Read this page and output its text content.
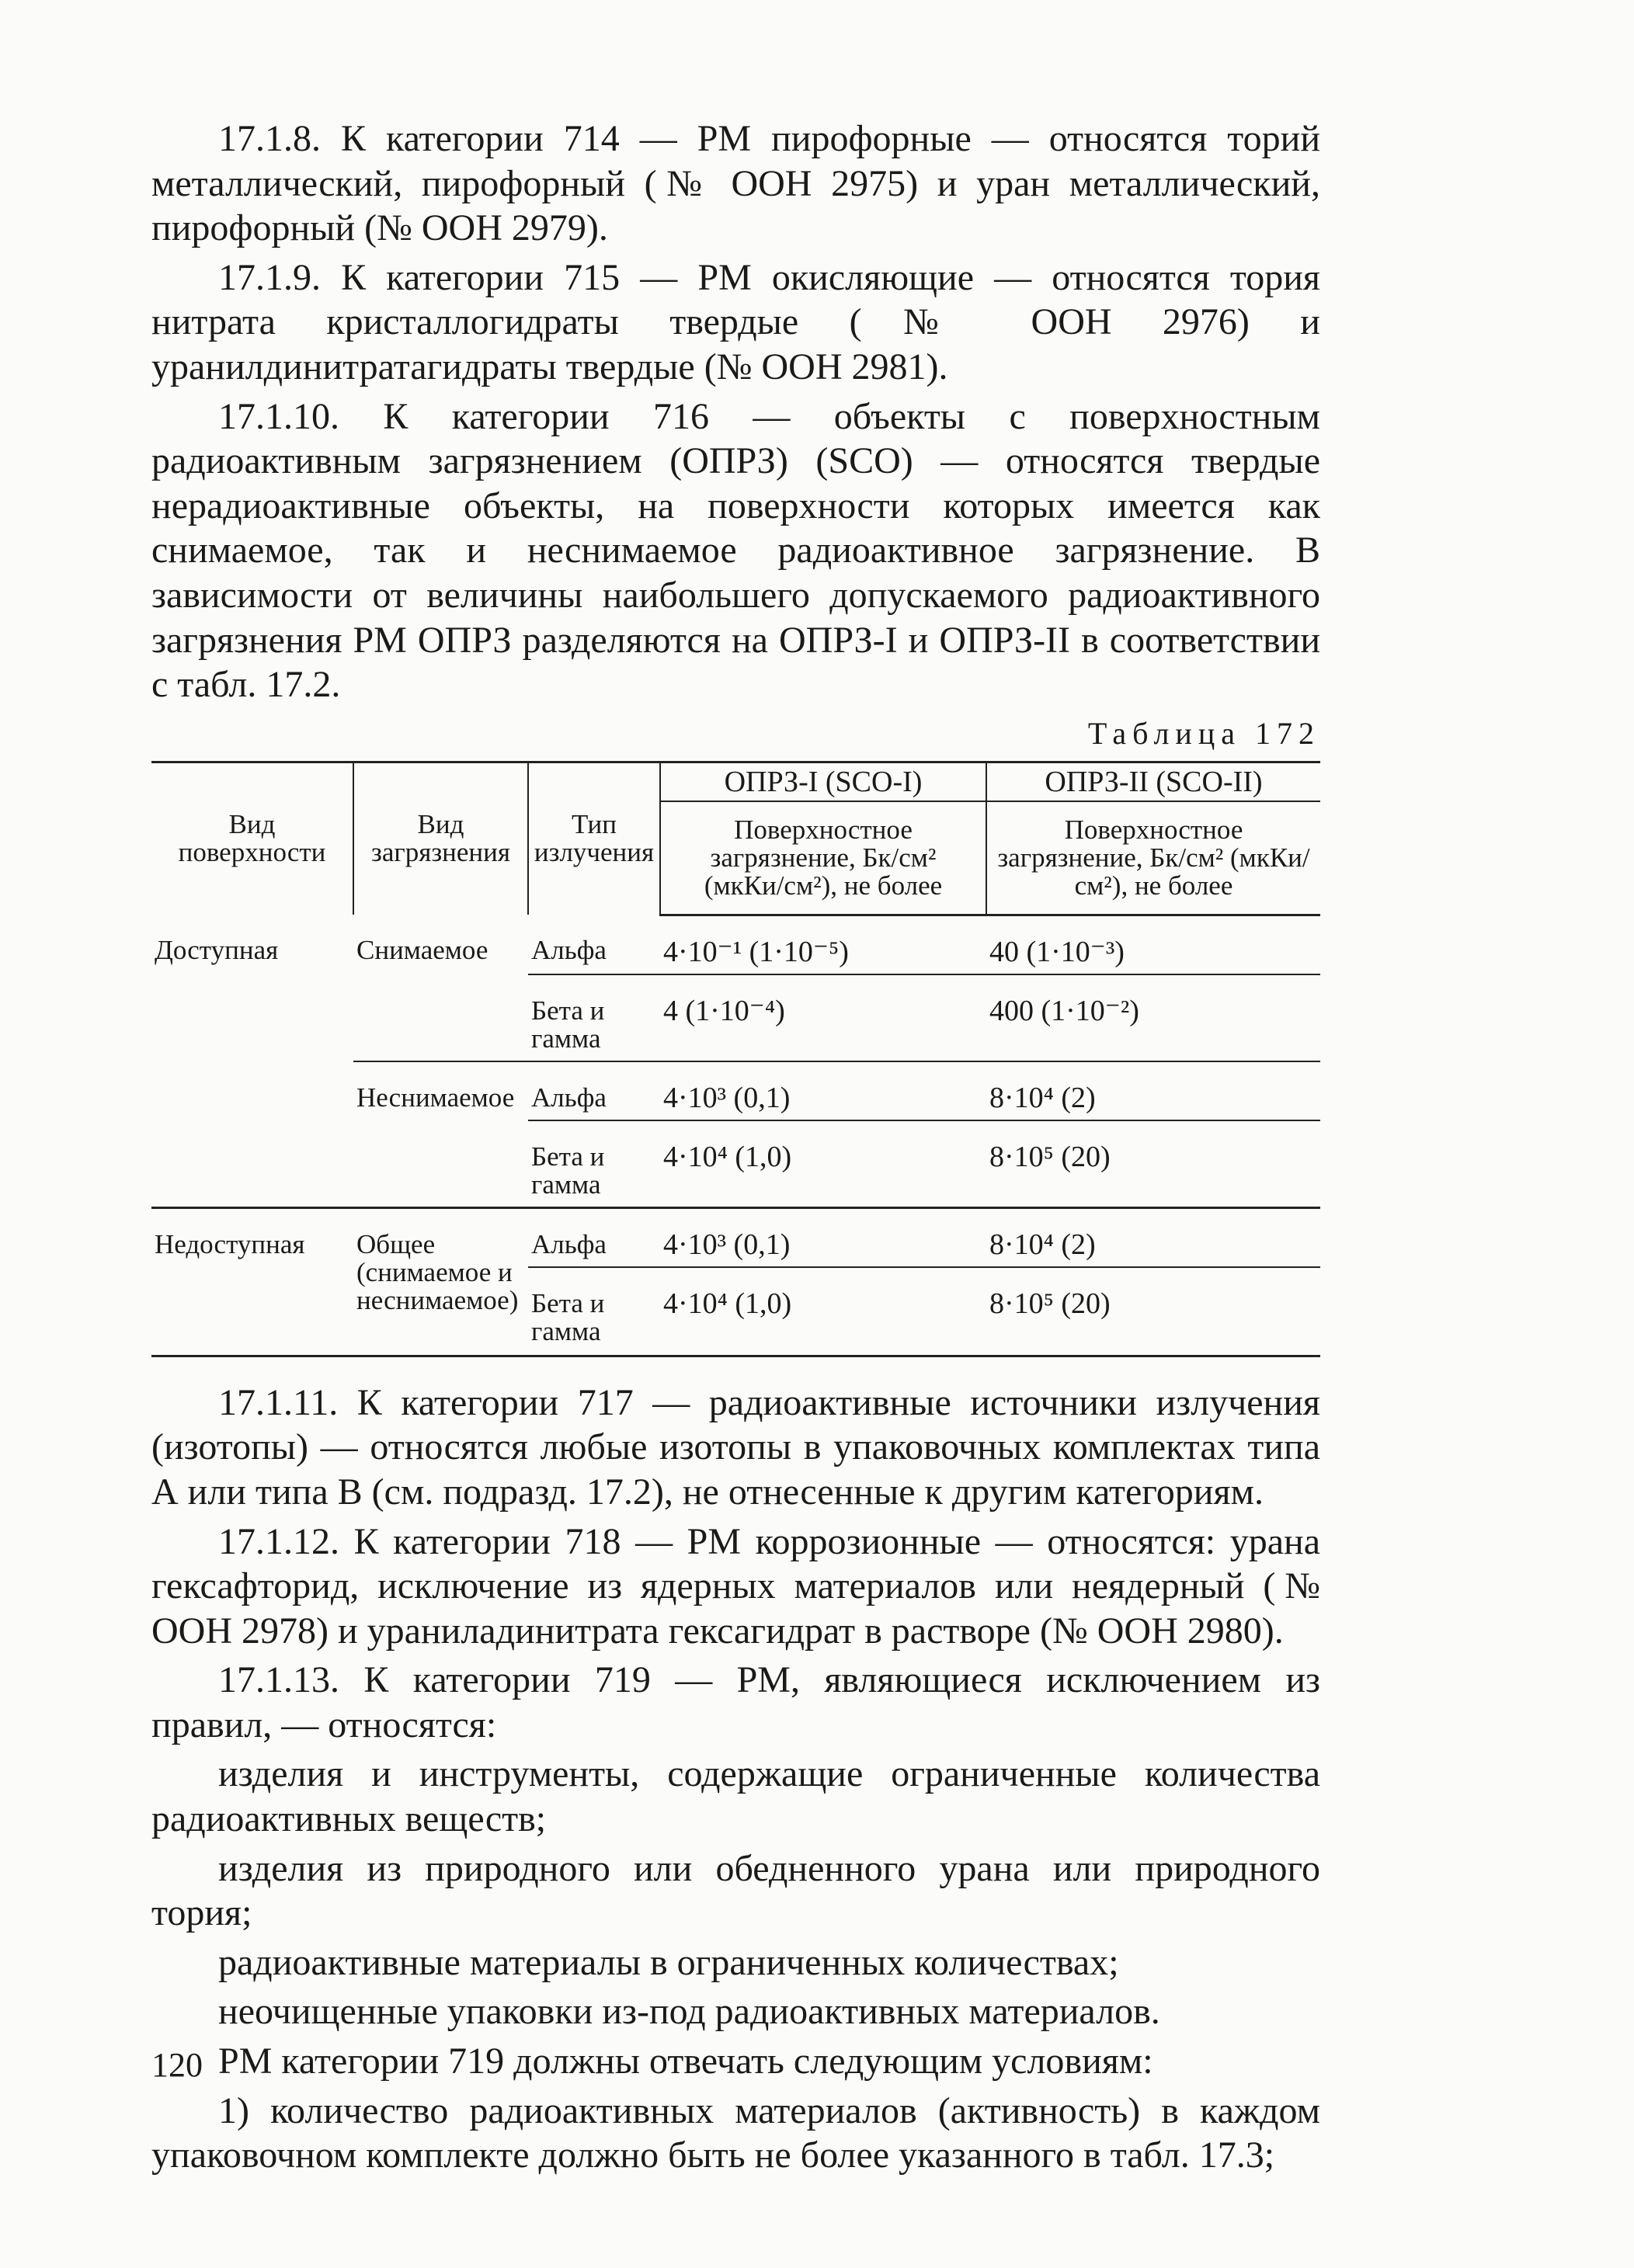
17.1.8. К категории 714 — РМ пирофорные — относятся торий металлический, пирофорный (№ ООН 2975) и уран металлический, пирофорный (№ ООН 2979).

17.1.9. К категории 715 — РМ окисляющие — относятся тория нитрата кристаллогидраты твердые (№ ООН 2976) и уранилдинитратагидраты твердые (№ ООН 2981).

17.1.10. К категории 716 — объекты с поверхностным радиоактивным загрязнением (ОПРЗ) (SCO) — относятся твердые нерадиоактивные объекты, на поверхности которых имеется как снимаемое, так и неснимаемое радиоактивное загрязнение. В зависимости от величины наибольшего допускаемого радиоактивного загрязнения РМ ОПРЗ разделяются на ОПРЗ-I и ОПРЗ-II в соответствии с табл. 17.2.

Таблица 172
Вид поверхности	Вид загрязнения	Тип излучения	ОПРЗ-I (SCO-I)	ОПРЗ-II (SCO-II)
			Поверхностное загрязнение, Бк/см² (мкКи/см²), не более	Поверхностное загрязнение, Бк/см² (мкКи/см²), не более
Доступная	Снимаемое	Альфа	4·10⁻¹ (1·10⁻⁵)	40 (1·10⁻³)
		Бета и гамма	4 (1·10⁻⁴)	400 (1·10⁻²)
	Неснимаемое	Альфа	4·10³ (0,1)	8·10⁴ (2)
		Бета и гамма	4·10⁴ (1,0)	8·10⁵ (20)
Недоступная	Общее (снимаемое и неснимаемое)	Альфа	4·10³ (0,1)	8·10⁴ (2)
		Бета и гамма	4·10⁴ (1,0)	8·10⁵ (20)

17.1.11. К категории 717 — радиоактивные источники излучения (изотопы) — относятся любые изотопы в упаковочных комплектах типа А или типа В (см. подразд. 17.2), не отнесенные к другим категориям.

17.1.12. К категории 718 — РМ коррозионные — относятся: урана гексафторид, исключение из ядерных материалов или неядерный (№ ООН 2978) и ураниладинитрата гексагидрат в растворе (№ ООН 2980).

17.1.13. К категории 719 — РМ, являющиеся исключением из правил, — относятся:

изделия и инструменты, содержащие ограниченные количества радиоактивных веществ;

изделия из природного или обедненного урана или природного тория;

радиоактивные материалы в ограниченных количествах;

неочищенные упаковки из-под радиоактивных материалов.

РМ категории 719 должны отвечать следующим условиям:

1) количество радиоактивных материалов (активность) в каждом упаковочном комплекте должно быть не более указанного в табл. 17.3;

120
